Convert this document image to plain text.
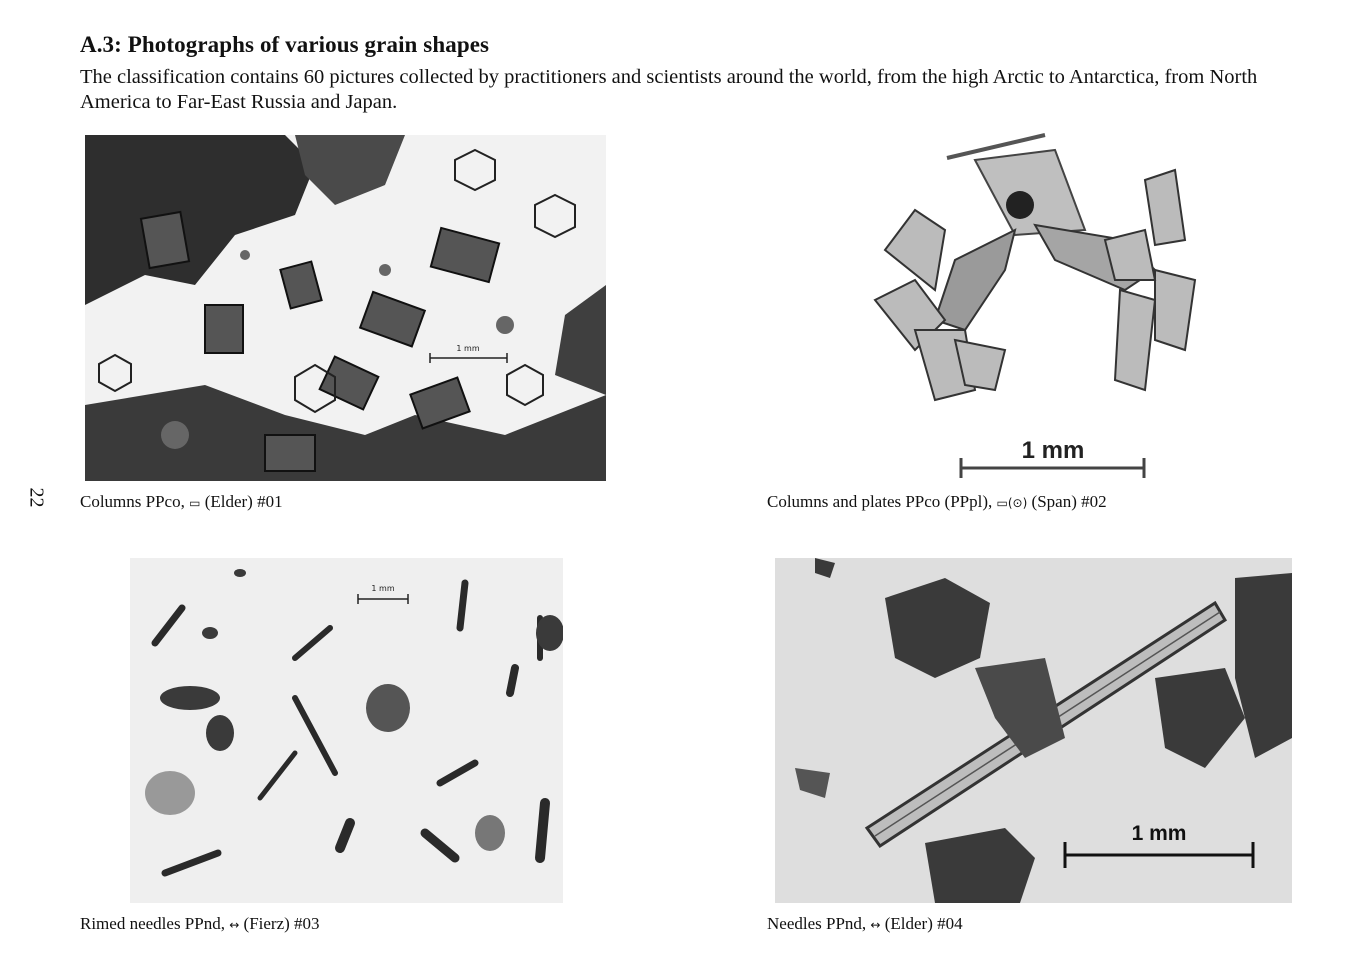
A.3: Photographs of various grain shapes

The classification contains 60 pictures collected by practitioners and scientists around the world, from the high Arctic to Antarctica, from North America to Far-East Russia and Japan.

22
1 mm
Columns PPco, ▭ (Elder) #01
1 mm
Columns and plates PPco (PPpl), ▭(⊙) (Span) #02
1 mm
Rimed needles PPnd, ↔ (Fierz) #03
1 mm
Needles PPnd, ↔ (Elder) #04
